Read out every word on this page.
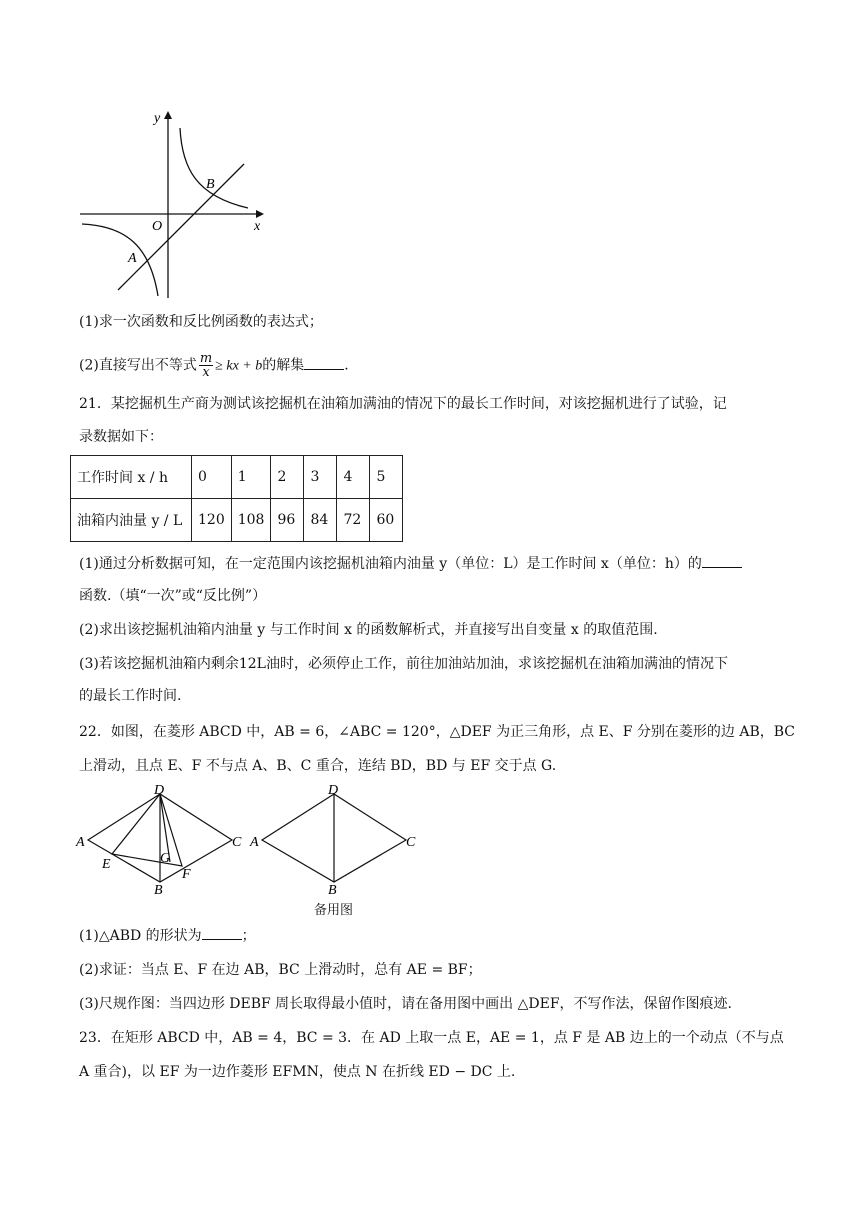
y
x
O
A
B
(1)求一次函数和反比例函数的表达式；
(2)直接写出不等式 $\frac{m}{x}$ ≥ kx + b的解集	.
21．某挖掘机生产商为测试该挖掘机在油箱加满油的情况下的最长工作时间，对该挖掘机进行了试验，记
录数据如下：
工作时间 x / h	0	1	2	3	4	5
油箱内油量 y / L	120	108	96	84	72	60
(1)通过分析数据可知，在一定范围内该挖掘机油箱内油量 y（单位：L）是工作时间 x（单位：h）的
函数.（填“一次”或“反比例”）
(2)求出该挖掘机油箱内油量 y 与工作时间 x 的函数解析式，并直接写出自变量 x 的取值范围.
(3)若该挖掘机油箱内剩余12L油时，必须停止工作，前往加油站加油，求该挖掘机在油箱加满油的情况下
的最长工作时间.
22．如图，在菱形 ABCD 中，AB = 6，∠ABC = 120°，△DEF 为正三角形，点 E、F 分别在菱形的边 AB，BC
上滑动，且点 E、F 不与点 A、B、C 重合，连结 BD，BD 与 EF 交于点 G.
D
A	C
E	G
B
F
D
A	C
B
备用图
(1)△ABD 的形状为	；
(2)求证：当点 E、F 在边 AB，BC 上滑动时，总有 AE = BF；
(3)尺规作图：当四边形 DEBF 周长取得最小值时，请在备用图中画出 △DEF，不写作法，保留作图痕迹.
23．在矩形 ABCD 中，AB = 4，BC = 3．在 AD 上取一点 E，AE = 1，点 F 是 AB 边上的一个动点（不与点
A 重合)，以 EF 为一边作菱形 EFMN，使点 N 在折线 ED − DC 上.
